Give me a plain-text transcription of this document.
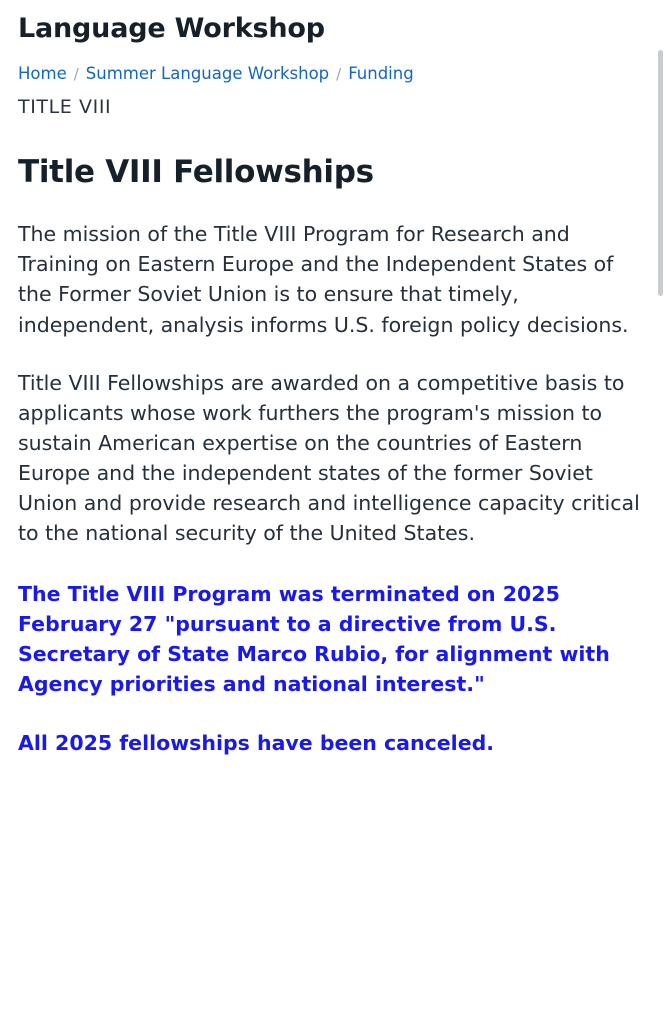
Language Workshop
Home / Summer Language Workshop / Funding
TITLE VIII
Title VIII Fellowships

The mission of the Title VIII Program for Research and Training on Eastern Europe and the Independent States of the Former Soviet Union is to ensure that timely, independent, analysis informs U.S. foreign policy decisions.

Title VIII Fellowships are awarded on a competitive basis to applicants whose work furthers the program's mission to sustain American expertise on the countries of Eastern Europe and the independent states of the former Soviet Union and provide research and intelligence capacity critical to the national security of the United States.

The Title VIII Program was terminated on 2025 February 27 "pursuant to a directive from U.S. Secretary of State Marco Rubio, for alignment with Agency priorities and national interest."

All 2025 fellowships have been canceled.
